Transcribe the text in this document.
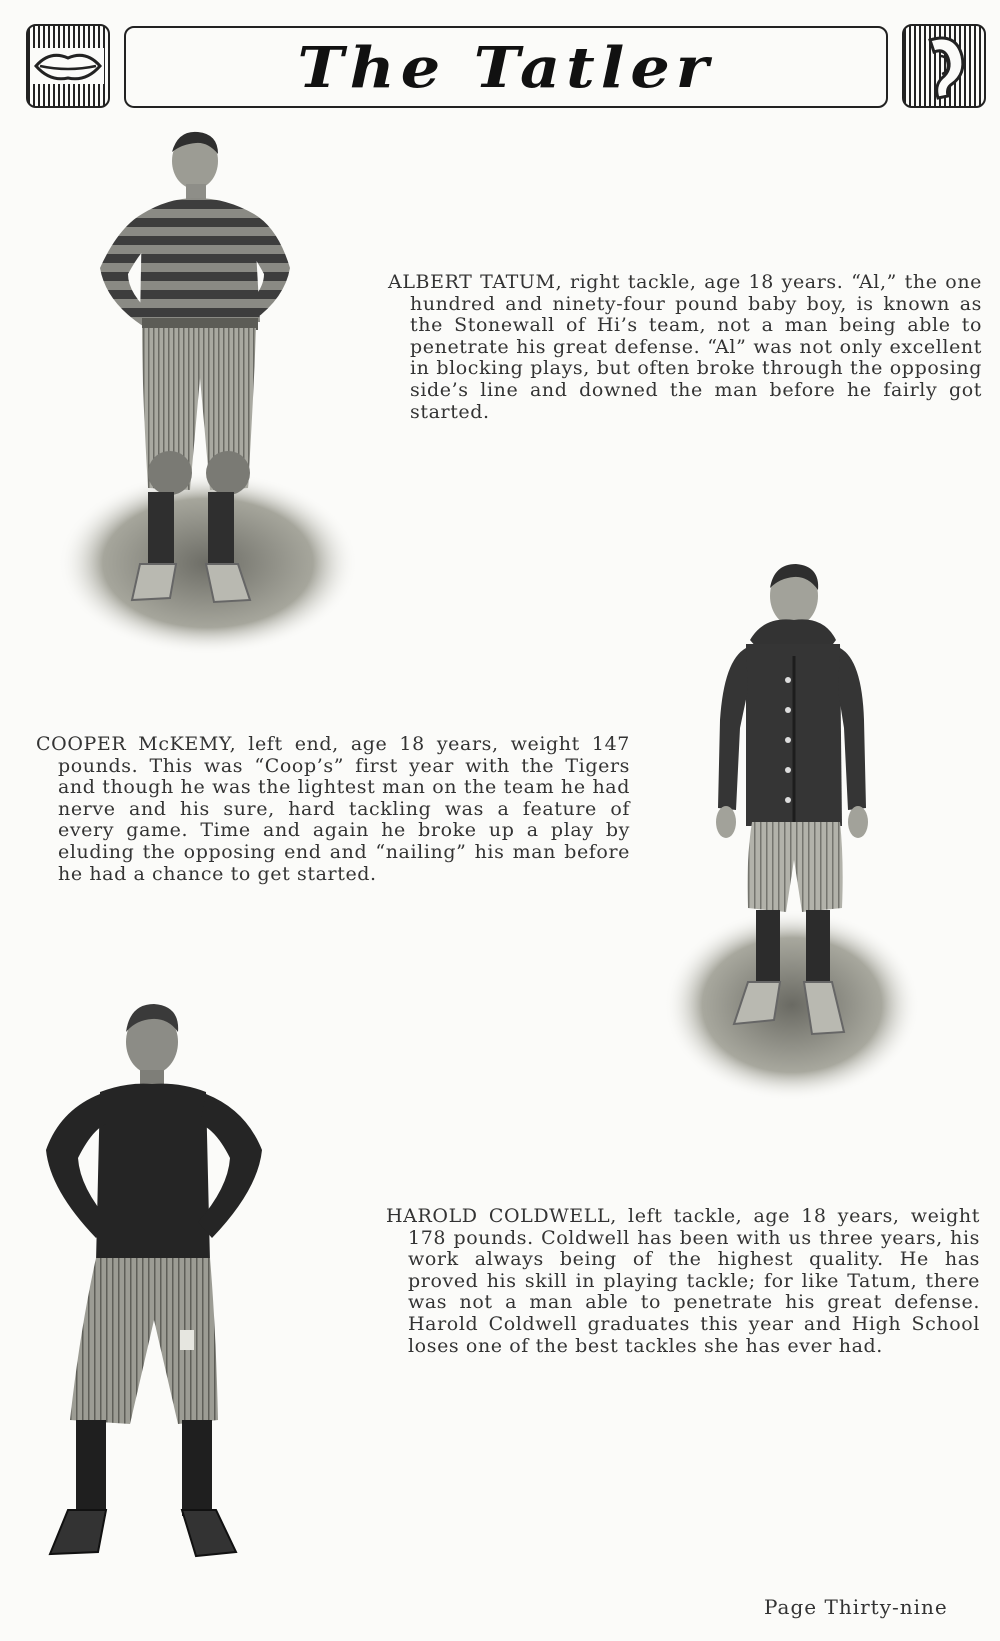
The Tatler
ALBERT TATUM, right tackle, age 18 years. “Al,” the one hundred and ninety-four pound baby boy, is known as the Stonewall of Hi’s team, not a man being able to penetrate his great defense. “Al” was not only excellent in blocking plays, but often broke through the opposing side’s line and downed the man before he fairly got started.
COOPER McKEMY, left end, age 18 years, weight 147 pounds. This was “Coop’s” first year with the Tigers and though he was the lightest man on the team he had nerve and his sure, hard tackling was a feature of every game. Time and again he broke up a play by eluding the opposing end and “nailing” his man before he had a chance to get started.
HAROLD COLDWELL, left tackle, age 18 years, weight 178 pounds. Coldwell has been with us three years, his work always being of the highest quality. He has proved his skill in playing tackle; for like Tatum, there was not a man able to penetrate his great defense. Harold Coldwell graduates this year and High School loses one of the best tackles she has ever had.
Page Thirty-nine
